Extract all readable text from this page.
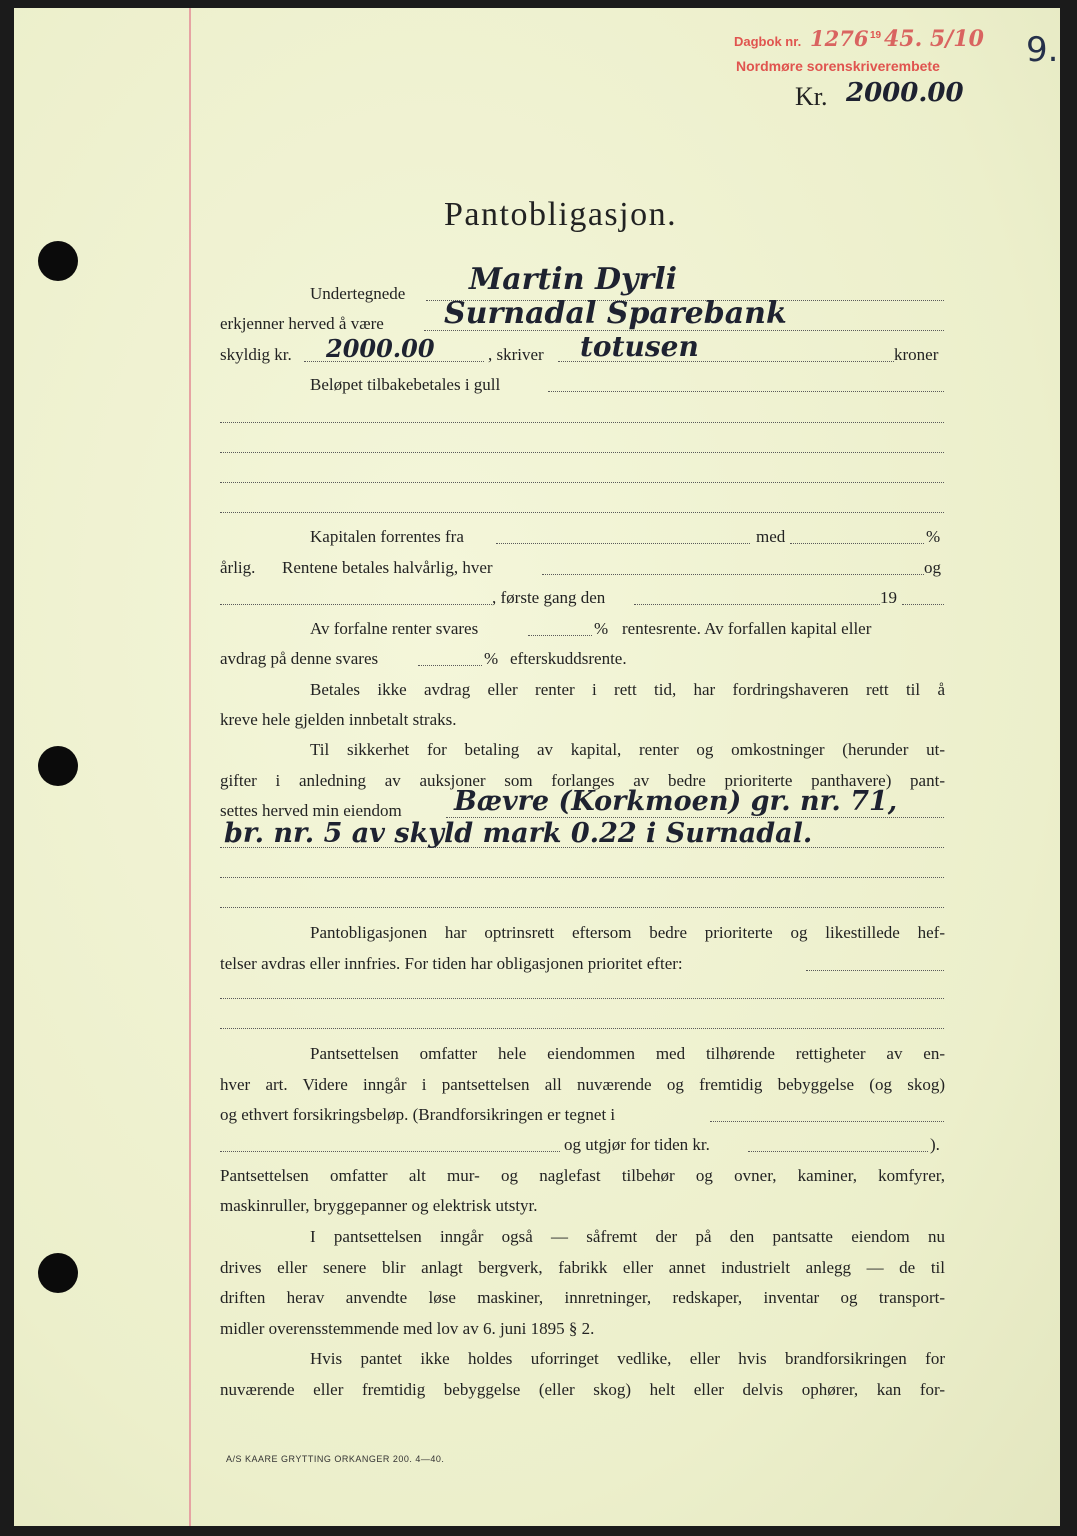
Dagbok nr. 1276 19 45. 5/10
Nordmøre sorenskriverembete	9.
Kr. 2000.00
Pantobligasjon.
Undertegnede Martin Dyrli
erkjenner herved å være Surnadal Sparebank
skyldig kr. 2000.00	, skriver totusen	kroner
Beløpet tilbakebetales i gull
Kapitalen forrentes fra	med	%
årlig. Rentene betales halvårlig, hver	og
, første gang den	19
Av forfalne renter svares	% rentesrente. Av forfallen kapital eller
avdrag på denne svares	% efterskuddsrente.
Betales ikke avdrag eller renter i rett tid, har fordringshaveren rett til å
kreve hele gjelden innbetalt straks.
Til sikkerhet for betaling av kapital, renter og omkostninger (herunder ut-
gifter i anledning av auksjoner som forlanges av bedre prioriterte panthavere) pant-
settes herved min eiendom Bævre (Korkmoen) gr. nr. 71,
br. nr. 5 av skyld mark 0.22 i Surnadal.
Pantobligasjonen har optrinsrett eftersom bedre prioriterte og likestillede hef-
telser avdras eller innfries. For tiden har obligasjonen prioritet efter:
Pantsettelsen omfatter hele eiendommen med tilhørende rettigheter av en-
hver art. Videre inngår i pantsettelsen all nuværende og fremtidig bebyggelse (og skog)
og ethvert forsikringsbeløp. (Brandforsikringen er tegnet i
og utgjør for tiden kr.	).
Pantsettelsen omfatter alt mur- og naglefast tilbehør og ovner, kaminer, komfyrer,
maskinruller, bryggepanner og elektrisk utstyr.
I pantsettelsen inngår også — såfremt der på den pantsatte eiendom nu
drives eller senere blir anlagt bergverk, fabrikk eller annet industrielt anlegg — de til
driften herav anvendte løse maskiner, innretninger, redskaper, inventar og transport-
midler overensstemmende med lov av 6. juni 1895 § 2.
Hvis pantet ikke holdes uforringet vedlike, eller hvis brandforsikringen for
nuværende eller fremtidig bebyggelse (eller skog) helt eller delvis ophører, kan for-
A/S KAARE GRYTTING ORKANGER 200. 4—40.
